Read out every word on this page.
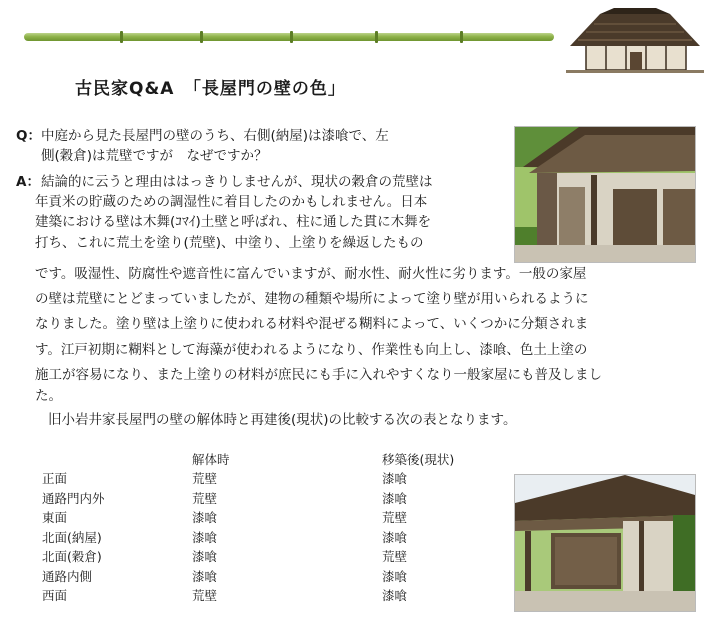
古民家Q&A　「長屋門の壁の色」
Q： 中庭から見た長屋門の壁のうち、右側(納屋)は漆喰で、左
側(穀倉)は荒壁ですが　なぜですか？
A： 結論的に云うと理由ははっきりしませんが、現状の穀倉の荒壁は
年貢米の貯蔵のための調湿性に着目したのかもしれません。日本
建築における壁は木舞(ｺﾏｲ)土壁と呼ばれ、柱に通した貫に木舞を
打ち、これに荒土を塗り(荒壁)、中塗り、上塗りを繰返したもの
です。吸湿性、防腐性や遮音性に富んでいますが、耐水性、耐火性に劣ります。一般の家屋
の壁は荒壁にとどまっていましたが、建物の種類や場所によって塗り壁が用いられるように
なりました。塗り壁は上塗りに使われる材料や混ぜる糊料によって、いくつかに分類されま
す。江戸初期に糊料として海藻が使われるようになり、作業性も向上し、漆喰、色土上塗の
施工が容易になり、また上塗りの材料が庶民にも手に入れやすくなり一般家屋にも普及しまし
た。
旧小岩井家長屋門の壁の解体時と再建後(現状)の比較する次の表となります。
	解体時	移築後(現状)
正面	荒壁	漆喰
通路門内外	荒壁	漆喰
東面	漆喰	荒壁
北面(納屋)	漆喰	漆喰
北面(穀倉)	漆喰	荒壁
通路内側	漆喰	漆喰
西面	荒壁	漆喰
